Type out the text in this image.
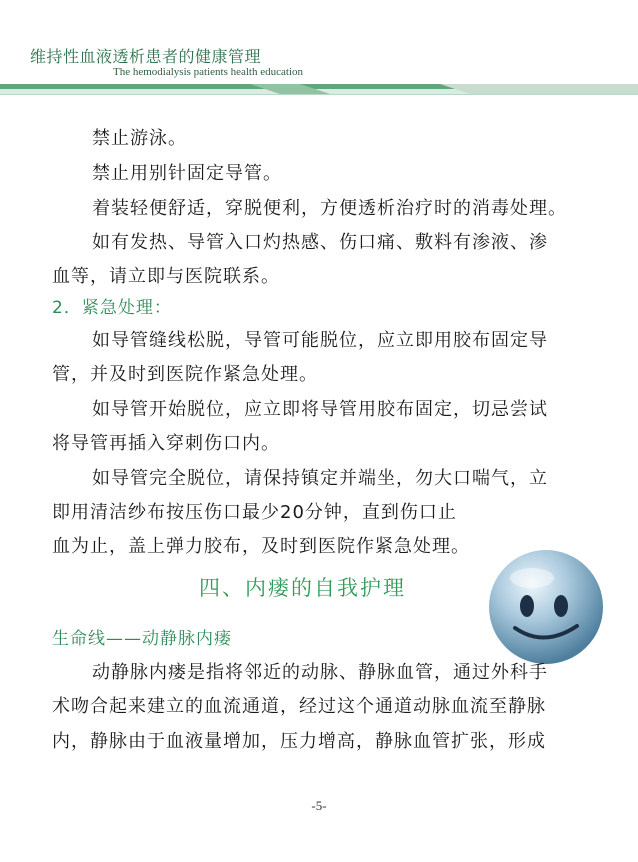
维持性血液透析患者的健康管理
The hemodialysis patients health education
禁止游泳。
禁止用别针固定导管。
着装轻便舒适，穿脱便利，方便透析治疗时的消毒处理。
如有发热、导管入口灼热感、伤口痛、敷料有渗液、渗
血等，请立即与医院联系。
2．紧急处理：
如导管缝线松脱，导管可能脱位，应立即用胶布固定导
管，并及时到医院作紧急处理。
如导管开始脱位，应立即将导管用胶布固定，切忌尝试
将导管再插入穿刺伤口内。
如导管完全脱位，请保持镇定并端坐，勿大口喘气，立
即用清洁纱布按压伤口最少20分钟，直到伤口止
血为止，盖上弹力胶布，及时到医院作紧急处理。
四、内瘘的自我护理
生命线——动静脉内瘘
动静脉内瘘是指将邻近的动脉、静脉血管，通过外科手
术吻合起来建立的血流通道，经过这个通道动脉血流至静脉
内，静脉由于血液量增加，压力增高，静脉血管扩张，形成
-5-
